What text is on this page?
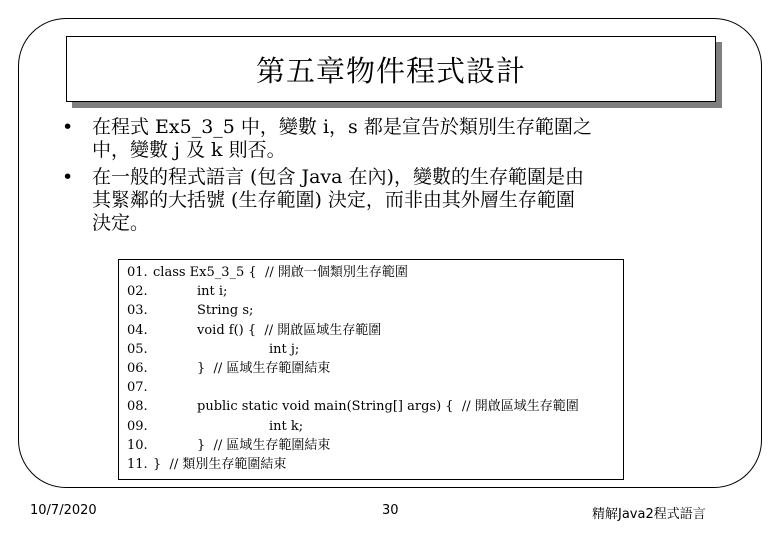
第五章物件程式設計
• 在程式 Ex5_3_5 中，變數 i，s 都是宣告於類別生存範圍之
中，變數 j 及 k 則否。
• 在一般的程式語言 (包含 Java 在內)，變數的生存範圍是由
其緊鄰的大括號 (生存範圍) 決定，而非由其外層生存範圍
決定。
01. class Ex5_3_5 {  // 開啟一個類別生存範圍
02.	int i;
03.	String s;
04.	void f() {  // 開啟區域生存範圍
05.	int j;
06.	}  // 區域生存範圍結束
07.
08.	public static void main(String[] args) {  // 開啟區域生存範圍
09.	int k;
10.	}  // 區域生存範圍結束
11. }  // 類別生存範圍結束
10/7/2020	30	精解Java2程式語言
